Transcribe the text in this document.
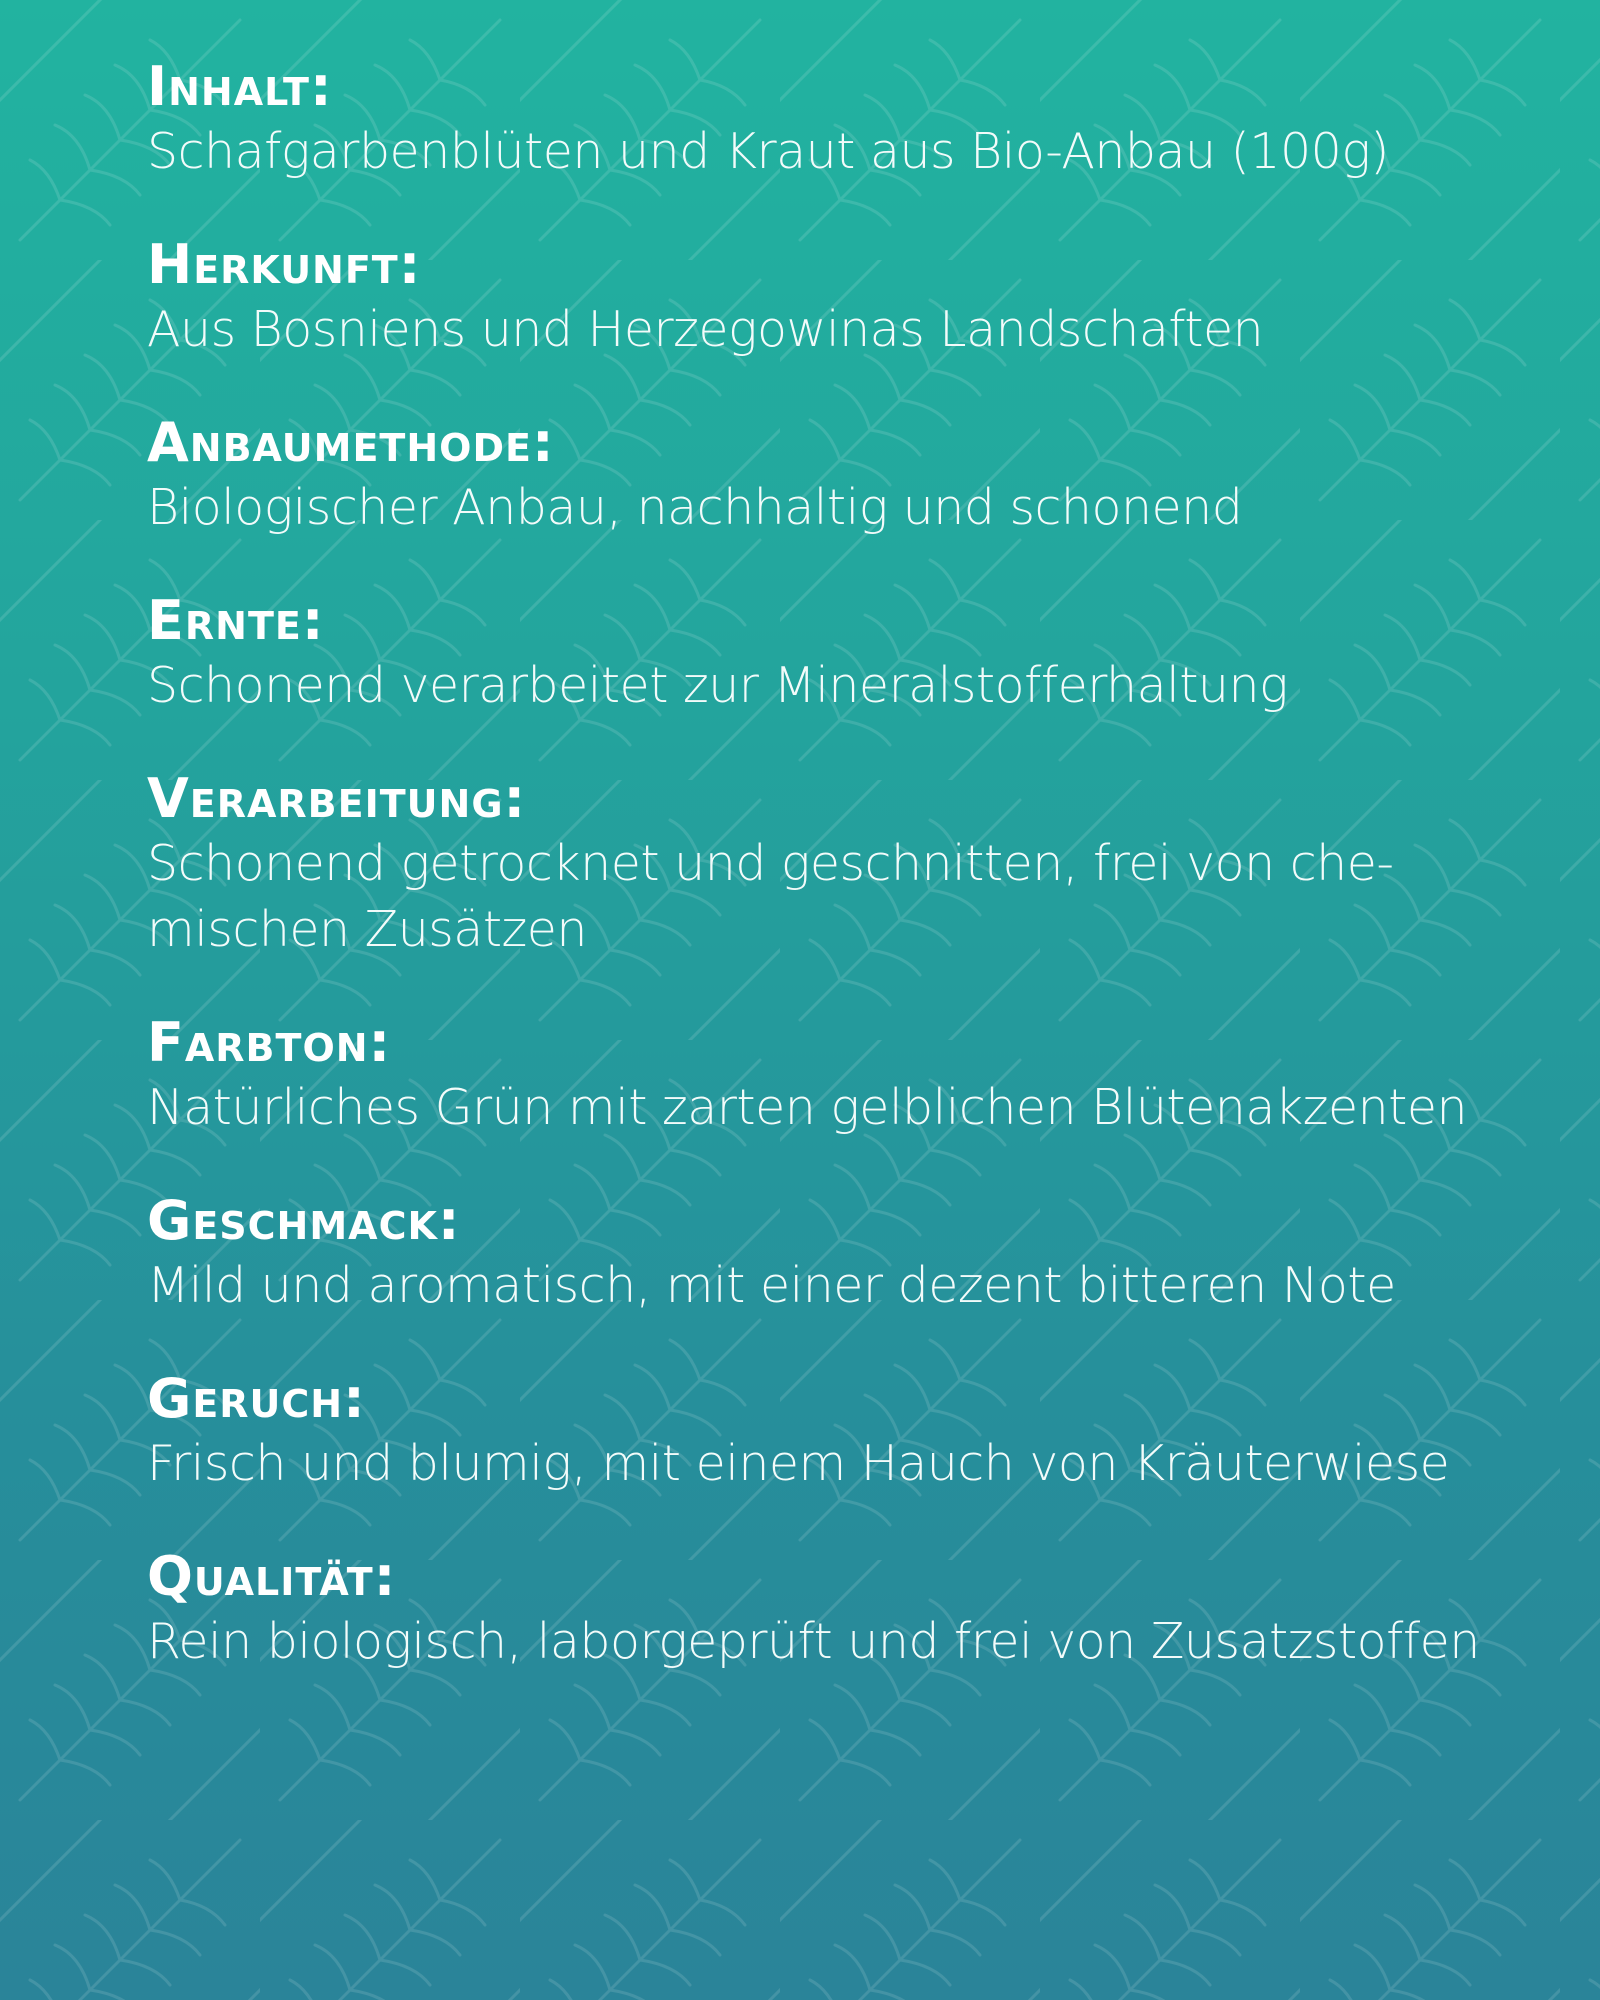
Inhalt:
Schafgarbenblüten und Kraut aus Bio-Anbau (100g)
Herkunft:
Aus Bosniens und Herzegowinas Landschaften
Anbaumethode:
Biologischer Anbau, nachhaltig und schonend
Ernte:
Schonend verarbeitet zur Mineralstofferhaltung
Verarbeitung:
Schonend getrocknet und geschnitten, frei von che-mischen Zusätzen
Farbton:
Natürliches Grün mit zarten gelblichen Blütenakzenten
Geschmack:
Mild und aromatisch, mit einer dezent bitteren Note
Geruch:
Frisch und blumig, mit einem Hauch von Kräuterwiese
Qualität:
Rein biologisch, laborgeprüft und frei von Zusatzstoffen
